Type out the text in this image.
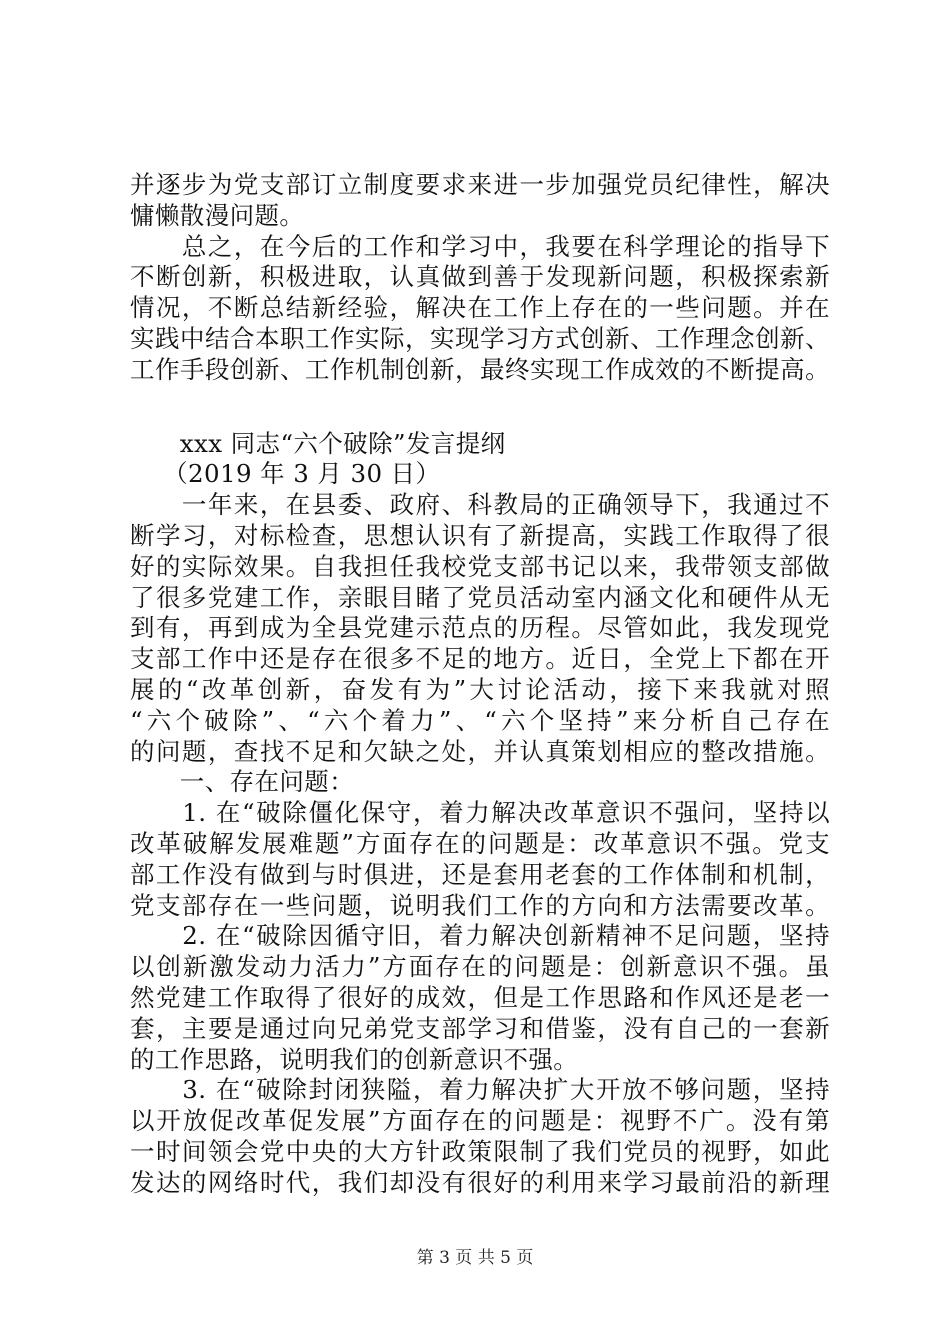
并逐步为党支部订立制度要求来进一步加强党员纪律性，解决
慵懒散漫问题。
　　总之，在今后的工作和学习中，我要在科学理论的指导下
不断创新，积极进取，认真做到善于发现新问题，积极探索新
情况，不断总结新经验，解决在工作上存在的一些问题。并在
实践中结合本职工作实际，实现学习方式创新、工作理念创新、
工作手段创新、工作机制创新，最终实现工作成效的不断提高。
　　xxx 同志“六个破除”发言提纲
　 （2019 年 3 月 30 日）
　　一年来，在县委、政府、科教局的正确领导下，我通过不
断学习，对标检查，思想认识有了新提高，实践工作取得了很
好的实际效果。自我担任我校党支部书记以来，我带领支部做
了很多党建工作，亲眼目睹了党员活动室内涵文化和硬件从无
到有，再到成为全县党建示范点的历程。尽管如此，我发现党
支部工作中还是存在很多不足的地方。近日，全党上下都在开
展的“改革创新，奋发有为”大讨论活动，接下来我就对照
“六个破除”、“六个着力”、“六个坚持”来分析自己存在
的问题，查找不足和欠缺之处，并认真策划相应的整改措施。
　　一、存在问题：
　　1. 在“破除僵化保守，着力解决改革意识不强问，坚持以
改革破解发展难题”方面存在的问题是：改革意识不强。党支
部工作没有做到与时俱进，还是套用老套的工作体制和机制，
党支部存在一些问题，说明我们工作的方向和方法需要改革。
　　2. 在“破除因循守旧，着力解决创新精神不足问题，坚持
以创新激发动力活力”方面存在的问题是：创新意识不强。虽
然党建工作取得了很好的成效，但是工作思路和作风还是老一
套，主要是通过向兄弟党支部学习和借鉴，没有自己的一套新
的工作思路，说明我们的创新意识不强。
　　3. 在“破除封闭狭隘，着力解决扩大开放不够问题，坚持
以开放促改革促发展”方面存在的问题是：视野不广。没有第
一时间领会党中央的大方针政策限制了我们党员的视野，如此
发达的网络时代，我们却没有很好的利用来学习最前沿的新理
第 3 页 共 5 页
